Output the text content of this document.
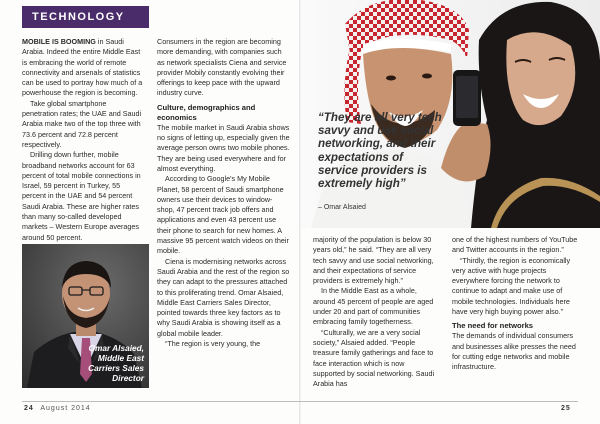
TECHNOLOGY

MOBILE IS BOOMING in Saudi Arabia. Indeed the entire Middle East is embracing the world of remote connectivity and arsenals of statistics can be used to portray how much of a powerhouse the region is becoming.

Take global smartphone penetration rates; the UAE and Saudi Arabia make two of the top three with 73.6 percent and 72.8 percent respectively.

Drilling down further, mobile broadband networks account for 63 percent of total mobile connections in Israel, 59 percent in Turkey, 55 percent in the UAE and 54 percent Saudi Arabia. These are higher rates than many so-called developed markets – Western Europe averages around 50 percent.

Omar Alsaied,
Middle East
Carriers Sales
Director

Consumers in the region are becoming more demanding, with companies such as network specialists Ciena and service provider Mobily constantly evolving their offerings to keep pace with the upward industry curve.

Culture, demographics and economics

The mobile market in Saudi Arabia shows no signs of letting up, especially given the average person owns two mobile phones. They are being used everywhere and for almost everything.

According to Google's My Mobile Planet, 58 percent of Saudi smartphone owners use their devices to window-shop, 47 percent track job offers and applications and even 43 percent use their phone to search for new homes. A massive 95 percent watch videos on their mobile.

Ciena is modernising networks across Saudi Arabia and the rest of the region so they can adapt to the pressures attached to this proliferating trend. Omar Alsaied, Middle East Carriers Sales Director, pointed towards three key factors as to why Saudi Arabia is showing itself as a global mobile leader.

“The region is very young, the

“They are all very tech savvy and use social networking, and their expectations of service providers is extremely high”
– Omar Alsaied

majority of the population is below 30 years old,” he said. “They are all very tech savvy and use social networking, and their expectations of service providers is extremely high.”

In the Middle East as a whole, around 45 percent of people are aged under 20 and part of communities embracing family togetherness.

“Culturally, we are a very social society,” Alsaied added. “People treasure family gatherings and face to face interaction which is now supported by social networking. Saudi Arabia has

one of the highest numbers of YouTube and Twitter accounts in the region.”

“Thirdly, the region is economically very active with huge projects everywhere forcing the network to continue to adapt and make use of mobile technologies. Individuals here have very high buying power also.”

The need for networks

The demands of individual consumers and businesses alike presses the need for cutting edge networks and mobile infrastructure.

24 August 2014	25
